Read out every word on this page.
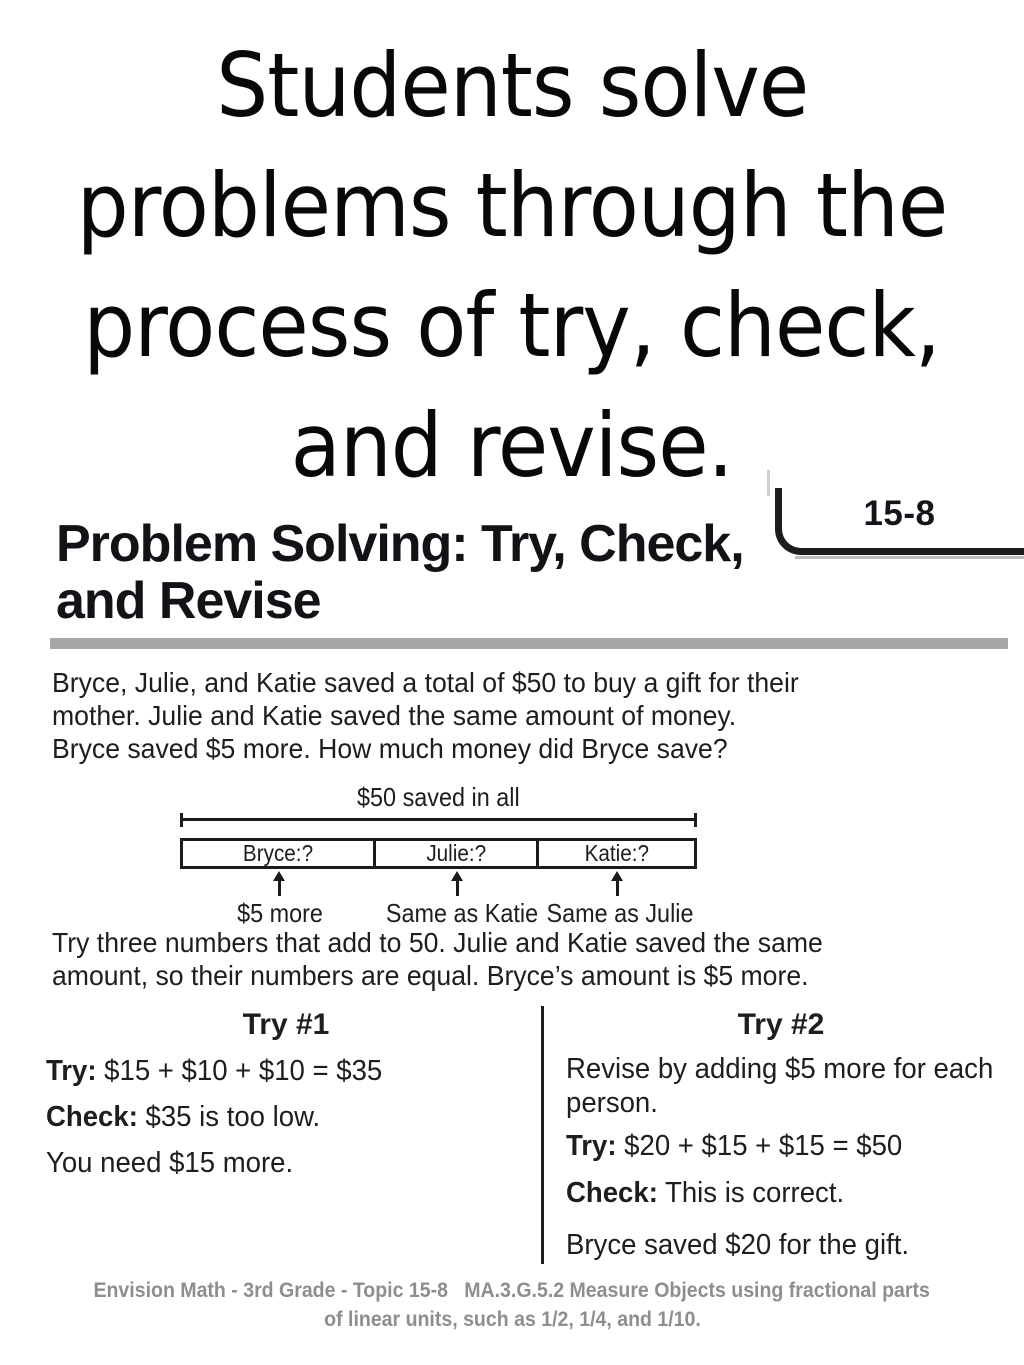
Students solve
problems through the
process of try, check,
and revise.
15-8
Problem Solving: Try, Check,
and Revise
Bryce, Julie, and Katie saved a total of $50 to buy a gift for their
mother. Julie and Katie saved the same amount of money.
Bryce saved $5 more. How much money did Bryce save?
$50 saved in all
Bryce:?	Julie:?	Katie:?
$5 more	Same as Katie Same as Julie
Try three numbers that add to 50. Julie and Katie saved the same
amount, so their numbers are equal. Bryce’s amount is $5 more.
Try #1
Try: $15 + $10 + $10 = $35
Check: $35 is too low.
You need $15 more.
Try #2
Revise by adding $5 more for each
person.
Try: $20 + $15 + $15 = $50
Check: This is correct.
Bryce saved $20 for the gift.
Envision Math - 3rd Grade - Topic 15-8   MA.3.G.5.2 Measure Objects using fractional parts
of linear units, such as 1/2, 1/4, and 1/10.
